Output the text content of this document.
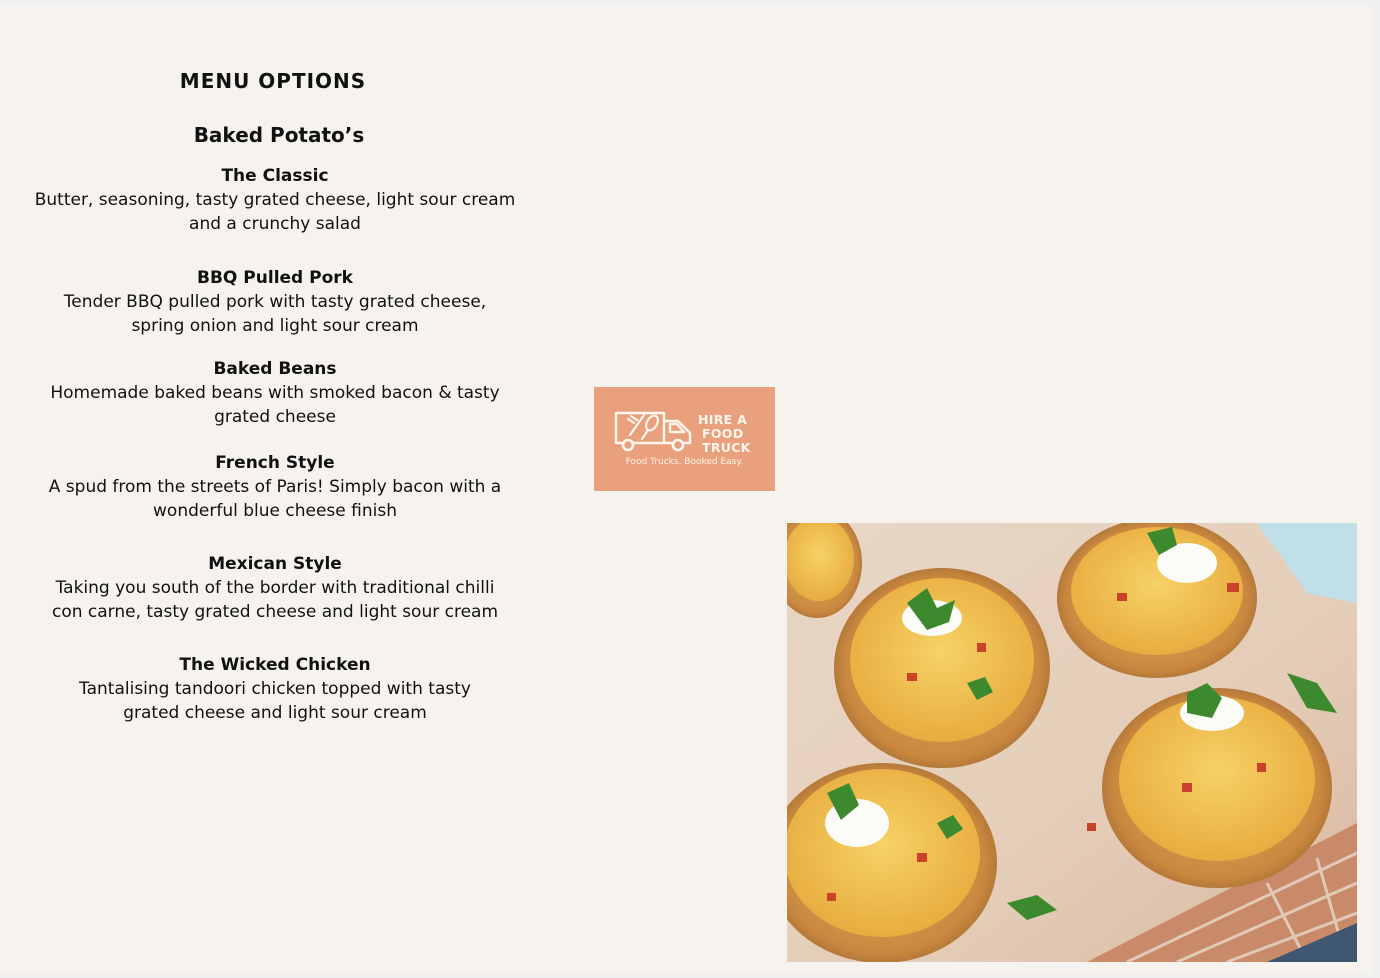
MENU OPTIONS
Baked Potato’s

The Classic

Butter, seasoning, tasty grated cheese, light sour cream

and a crunchy salad

BBQ Pulled Pork

Tender BBQ pulled pork with tasty grated cheese,

spring onion and light sour cream

Baked Beans

Homemade baked beans with smoked bacon & tasty

grated cheese

French Style

A spud from the streets of Paris! Simply bacon with a

wonderful blue cheese finish

Mexican Style

Taking you south of the border with traditional chilli

con carne, tasty grated cheese and light sour cream

The Wicked Chicken

Tantalising tandoori chicken topped with tasty

grated cheese and light sour cream

HIRE A
FOOD
TRUCK
Food Trucks. Booked Easy.
